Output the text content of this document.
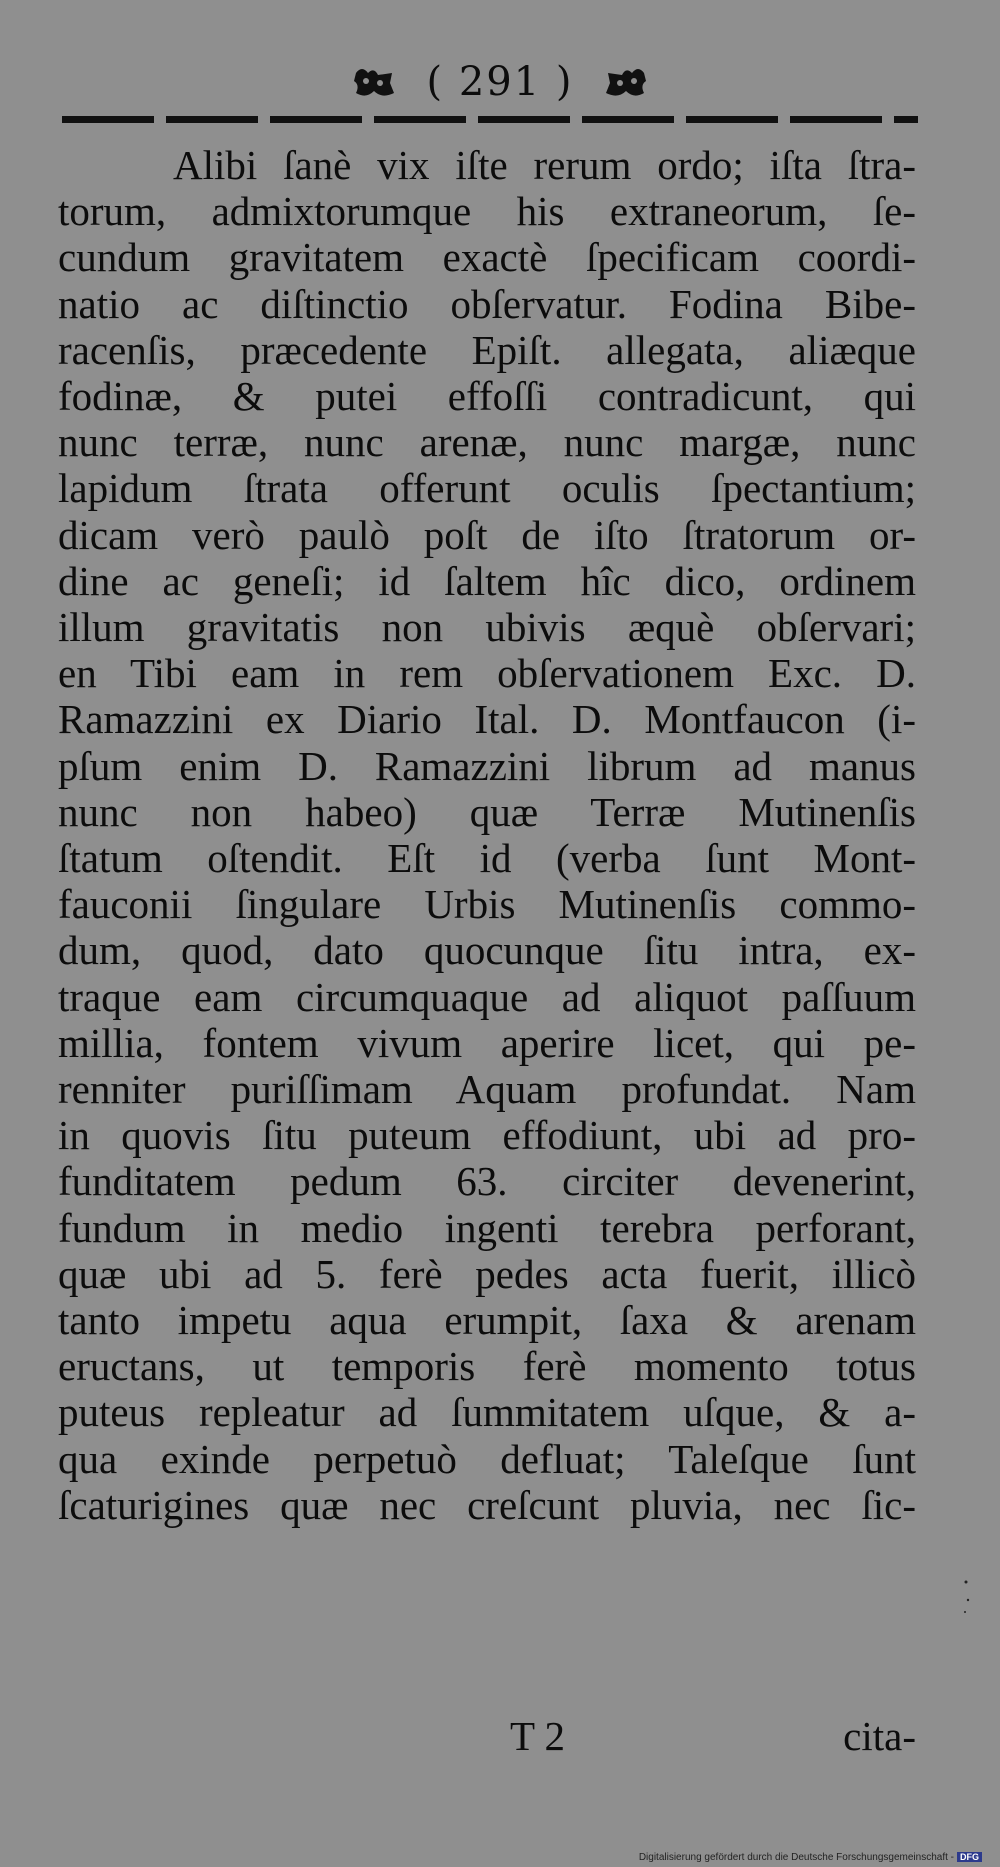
( 291 )
Alibi ſanè vix iſte rerum ordo; iſta ſtra-
torum, admixtorumque his extraneorum, ſe-
cundum gravitatem exactè ſpecificam coordi-
natio ac diſtinctio obſervatur. Fodina Bibe-
racenſis, præcedente Epiſt. allegata, aliæque
fodinæ, & putei effoſſi contradicunt, qui
nunc terræ, nunc arenæ, nunc margæ, nunc
lapidum ſtrata offerunt oculis ſpectantium;
dicam verò paulò poſt de iſto ſtratorum or-
dine ac geneſi; id ſaltem hîc dico, ordinem
illum gravitatis non ubivis æquè obſervari;
en Tibi eam in rem obſervationem Exc. D.
Ramazzini ex Diario Ital. D. Montfaucon (i-
pſum enim D. Ramazzini librum ad manus
nunc non habeo) quæ Terræ Mutinenſis
ſtatum oſtendit. Eſt id (verba ſunt Mont-
fauconii ſingulare Urbis Mutinenſis commo-
dum, quod, dato quocunque ſitu intra, ex-
traque eam circumquaque ad aliquot paſſuum
millia, fontem vivum aperire licet, qui pe-
renniter puriſſimam Aquam profundat. Nam
in quovis ſitu puteum effodiunt, ubi ad pro-
funditatem pedum 63. circiter devenerint,
fundum in medio ingenti terebra perforant,
quæ ubi ad 5. ferè pedes acta fuerit, illicò
tanto impetu aqua erumpit, ſaxa & arenam
eructans, ut temporis ferè momento totus
puteus repleatur ad ſummitatem uſque, & a-
qua exinde perpetuò defluat; Taleſque ſunt
ſcaturigines quæ nec creſcunt pluvia, nec ſic-
T 2	cita-
Digitalisierung gefördert durch die Deutsche Forschungsgemeinschaft - DFG
